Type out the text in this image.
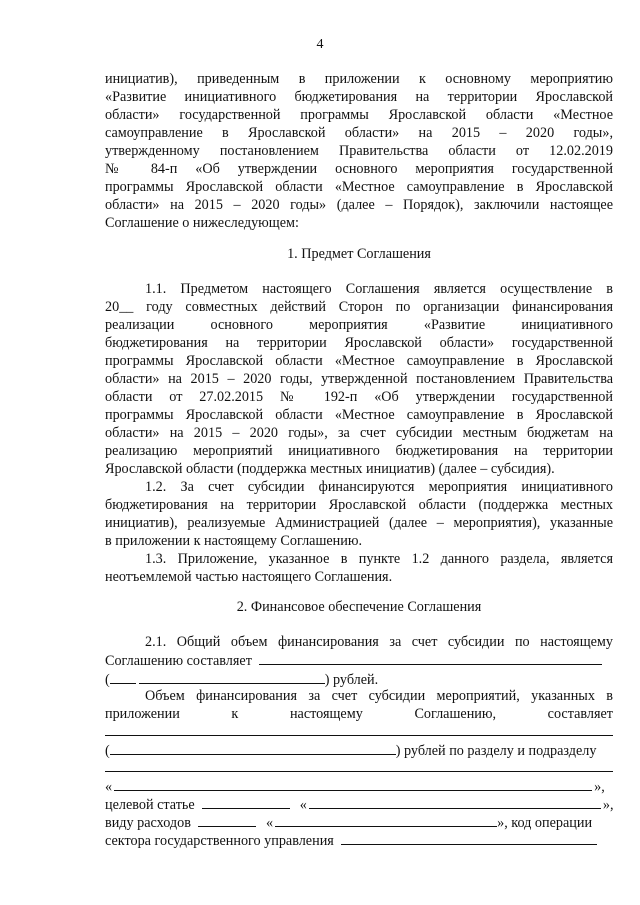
4
инициатив), приведенным в приложении к основному мероприятию
«Развитие инициативного бюджетирования на территории Ярославской
области» государственной программы Ярославской области «Местное
самоуправление в Ярославской области» на 2015 – 2020 годы»,
утвержденному постановлением Правительства области от 12.02.2019
№ 84-п «Об утверждении основного мероприятия государственной
программы Ярославской области «Местное самоуправление в Ярославской
области» на 2015 – 2020 годы» (далее – Порядок), заключили настоящее
Соглашение о нижеследующем:
1. Предмет Соглашения
1.1. Предметом настоящего Соглашения является осуществление в
20__ году совместных действий Сторон по организации финансирования
реализации основного мероприятия «Развитие инициативного
бюджетирования на территории Ярославской области» государственной
программы Ярославской области «Местное самоуправление в Ярославской
области» на 2015 – 2020 годы, утвержденной постановлением Правительства
области от 27.02.2015 № 192-п «Об утверждении государственной
программы Ярославской области «Местное самоуправление в Ярославской
области» на 2015 – 2020 годы», за счет субсидии местным бюджетам на
реализацию мероприятий инициативного бюджетирования на территории
Ярославской области (поддержка местных инициатив) (далее – субсидия).
1.2. За счет субсидии финансируются мероприятия инициативного
бюджетирования на территории Ярославской области (поддержка местных
инициатив), реализуемые Администрацией (далее – мероприятия), указанные
в приложении к настоящему Соглашению.
1.3. Приложение, указанное в пункте 1.2 данного раздела, является
неотъемлемой частью настоящего Соглашения.
2. Финансовое обеспечение Соглашения
2.1. Общий объем финансирования за счет субсидии по настоящему
Соглашению составляет
(	) рублей.
Объем финансирования за счет субсидии мероприятий, указанных в
приложении к настоящему Соглашению, составляет
(	) рублей по разделу и подразделу
«	»,
целевой статье	«	»,
виду расходов	«	», код операции
сектора государственного управления
